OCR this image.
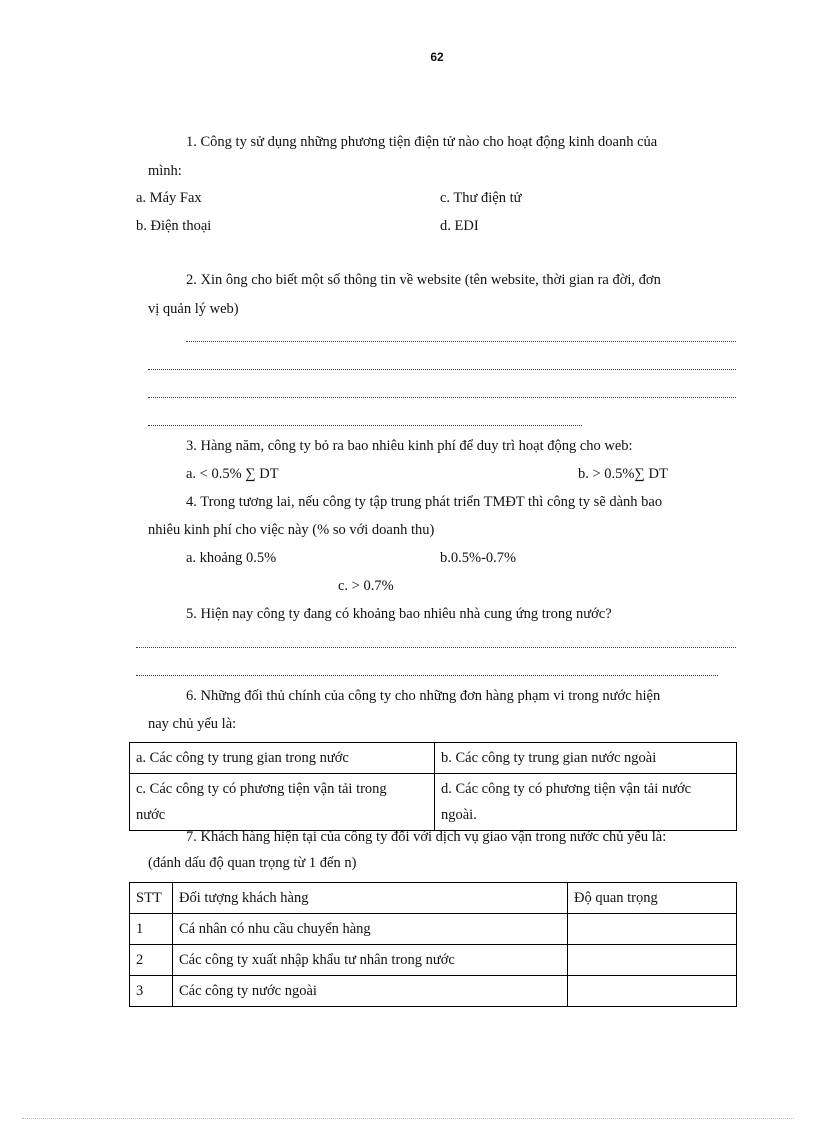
62
1. Công ty sử dụng những phương tiện điện tử nào cho hoạt động kinh doanh của
mình:
a. Máy Fax	c. Thư điện tử
b. Điện thoại	d. EDI
2. Xin ông cho biết một số thông tin về website (tên website, thời gian ra đời, đơn
vị quản lý web)
3. Hàng năm, công ty bỏ ra bao nhiêu kinh phí để duy trì hoạt động cho web:
a. < 0.5% ∑ DT	b. > 0.5%∑ DT
4. Trong tương lai, nếu công ty tập trung phát triển TMĐT thì công ty sẽ dành bao
nhiêu kinh phí cho việc này (% so với doanh thu)
a. khoảng 0.5%	b.0.5%-0.7%
c. > 0.7%
5. Hiện nay công ty đang có khoảng bao nhiêu nhà cung ứng trong nước?
6. Những đối thủ chính của công ty cho những đơn hàng phạm vi trong nước hiện
nay chủ yếu là:
a. Các công ty trung gian trong nước	b. Các công ty trung gian nước ngoài
c. Các công ty có phương tiện vận tải trong
nước	d. Các công ty có phương tiện vận tải nước
ngoài.
7. Khách hàng hiện tại của công ty đối với dịch vụ giao vận trong nước chủ yếu là:
(đánh dấu độ quan trọng từ 1 đến n)
STT	Đối tượng khách hàng	Độ quan trọng
1	Cá nhân có nhu cầu chuyển hàng	
2	Các công ty xuất nhập khẩu tư nhân trong nước	
3	Các công ty nước ngoài	
